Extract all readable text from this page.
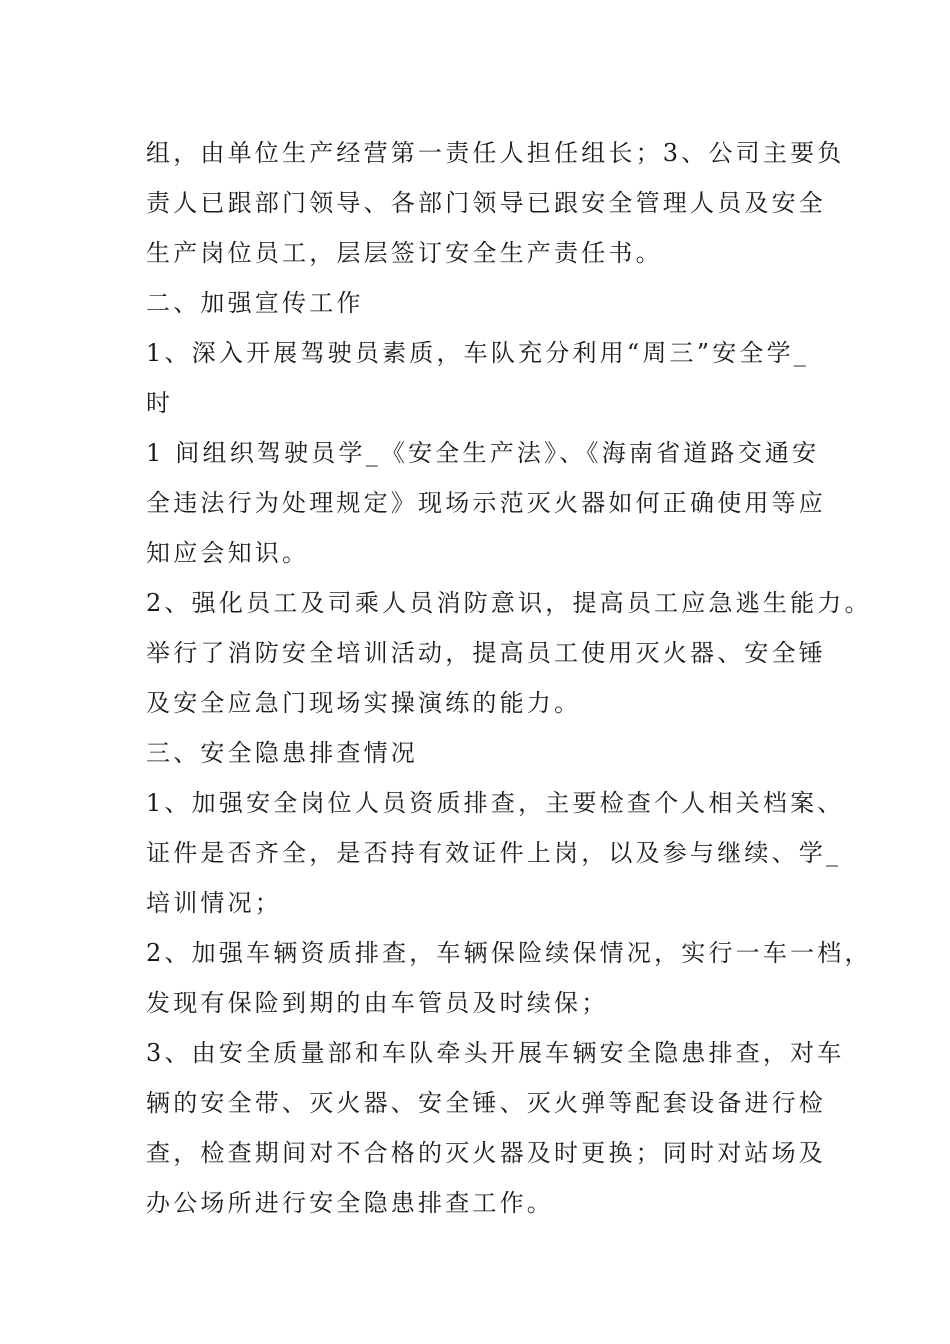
组，由单位生产经营第一责任人担任组长；3、公司主要负
责人已跟部门领导、各部门领导已跟安全管理人员及安全
生产岗位员工，层层签订安全生产责任书。
二、加强宣传工作
1、深入开展驾驶员素质，车队充分利用“周三”安全学_
时
1 间组织驾驶员学_《安全生产法》、《海南省道路交通安
全违法行为处理规定》现场示范灭火器如何正确使用等应
知应会知识。
2、强化员工及司乘人员消防意识，提高员工应急逃生能力。
举行了消防安全培训活动，提高员工使用灭火器、安全锤
及安全应急门现场实操演练的能力。
三、安全隐患排查情况
1、加强安全岗位人员资质排查，主要检查个人相关档案、
证件是否齐全，是否持有效证件上岗，以及参与继续、学_
培训情况；
2、加强车辆资质排查，车辆保险续保情况，实行一车一档，
发现有保险到期的由车管员及时续保；
3、由安全质量部和车队牵头开展车辆安全隐患排查，对车
辆的安全带、灭火器、安全锤、灭火弹等配套设备进行检
查，检查期间对不合格的灭火器及时更换；同时对站场及
办公场所进行安全隐患排查工作。
